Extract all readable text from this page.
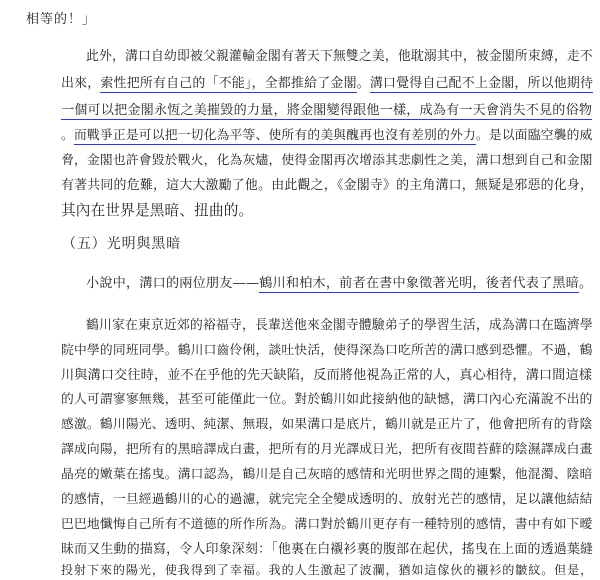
相等的！」
此外，溝口自幼即被父親灌輸金閣有著天下無雙之美，他耽溺其中，被金閣所束縛，走不
出來，索性把所有自己的「不能」，全都推給了金閣。溝口覺得自己配不上金閣，所以他期待
一個可以把金閣永恆之美摧毀的力量，將金閣變得跟他一樣，成為有一天會消失不見的俗物
。而戰爭正是可以把一切化為平等、使所有的美與醜再也沒有差別的外力。是以面臨空襲的威
脅，金閣也許會毀於戰火，化為灰燼，使得金閣再次增添其悲劇性之美，溝口想到自己和金閣
有著共同的危難，這大大激勵了他。由此觀之，《金閣寺》的主角溝口，無疑是邪惡的化身，
其內在世界是黑暗、扭曲的。
（五）光明與黑暗
小說中，溝口的兩位朋友——鶴川和柏木，前者在書中象徵著光明，後者代表了黑暗。
鶴川家在東京近郊的裕福寺，長輩送他來金閣寺體驗弟子的學習生活，成為溝口在臨濟學
院中學的同班同學。鶴川口齒伶俐，談吐快活，使得深為口吃所苦的溝口感到恐懼。不過，鶴
川與溝口交往時，並不在乎他的先天缺陷，反而將他視為正常的人，真心相待，溝口間這樣
的人可謂寥寥無幾，甚至可能僅此一位。對於鶴川如此接納他的缺憾，溝口內心充滿說不出的
感激。鶴川陽光、透明、純潔、無瑕，如果溝口是底片，鶴川就是正片了，他會把所有的背陰
譯成向陽，把所有的黑暗譯成白畫，把所有的月光譯成日光，把所有夜間苔蘚的陰濕譯成白畫
晶亮的嫩葉在搖曳。溝口認為，鶴川是自己灰暗的感情和光明世界之間的連繫，他混濁、陰暗
的感情，一旦經過鶴川的心的過濾，就完完全全變成透明的、放射光芒的感情，足以讓他結結
巴巴地懺悔自己所有不道德的所作所為。溝口對於鶴川更存有一種特別的感情，書中有如下曖
昧而又生動的描寫，令人印象深刻：「他裏在白襯衫裏的腹部在起伏，搖曳在上面的透過葉縫
投射下來的陽光，使我得到了幸福。我的人生激起了波瀾，猶如這傢伙的襯衫的皺紋。但是，
